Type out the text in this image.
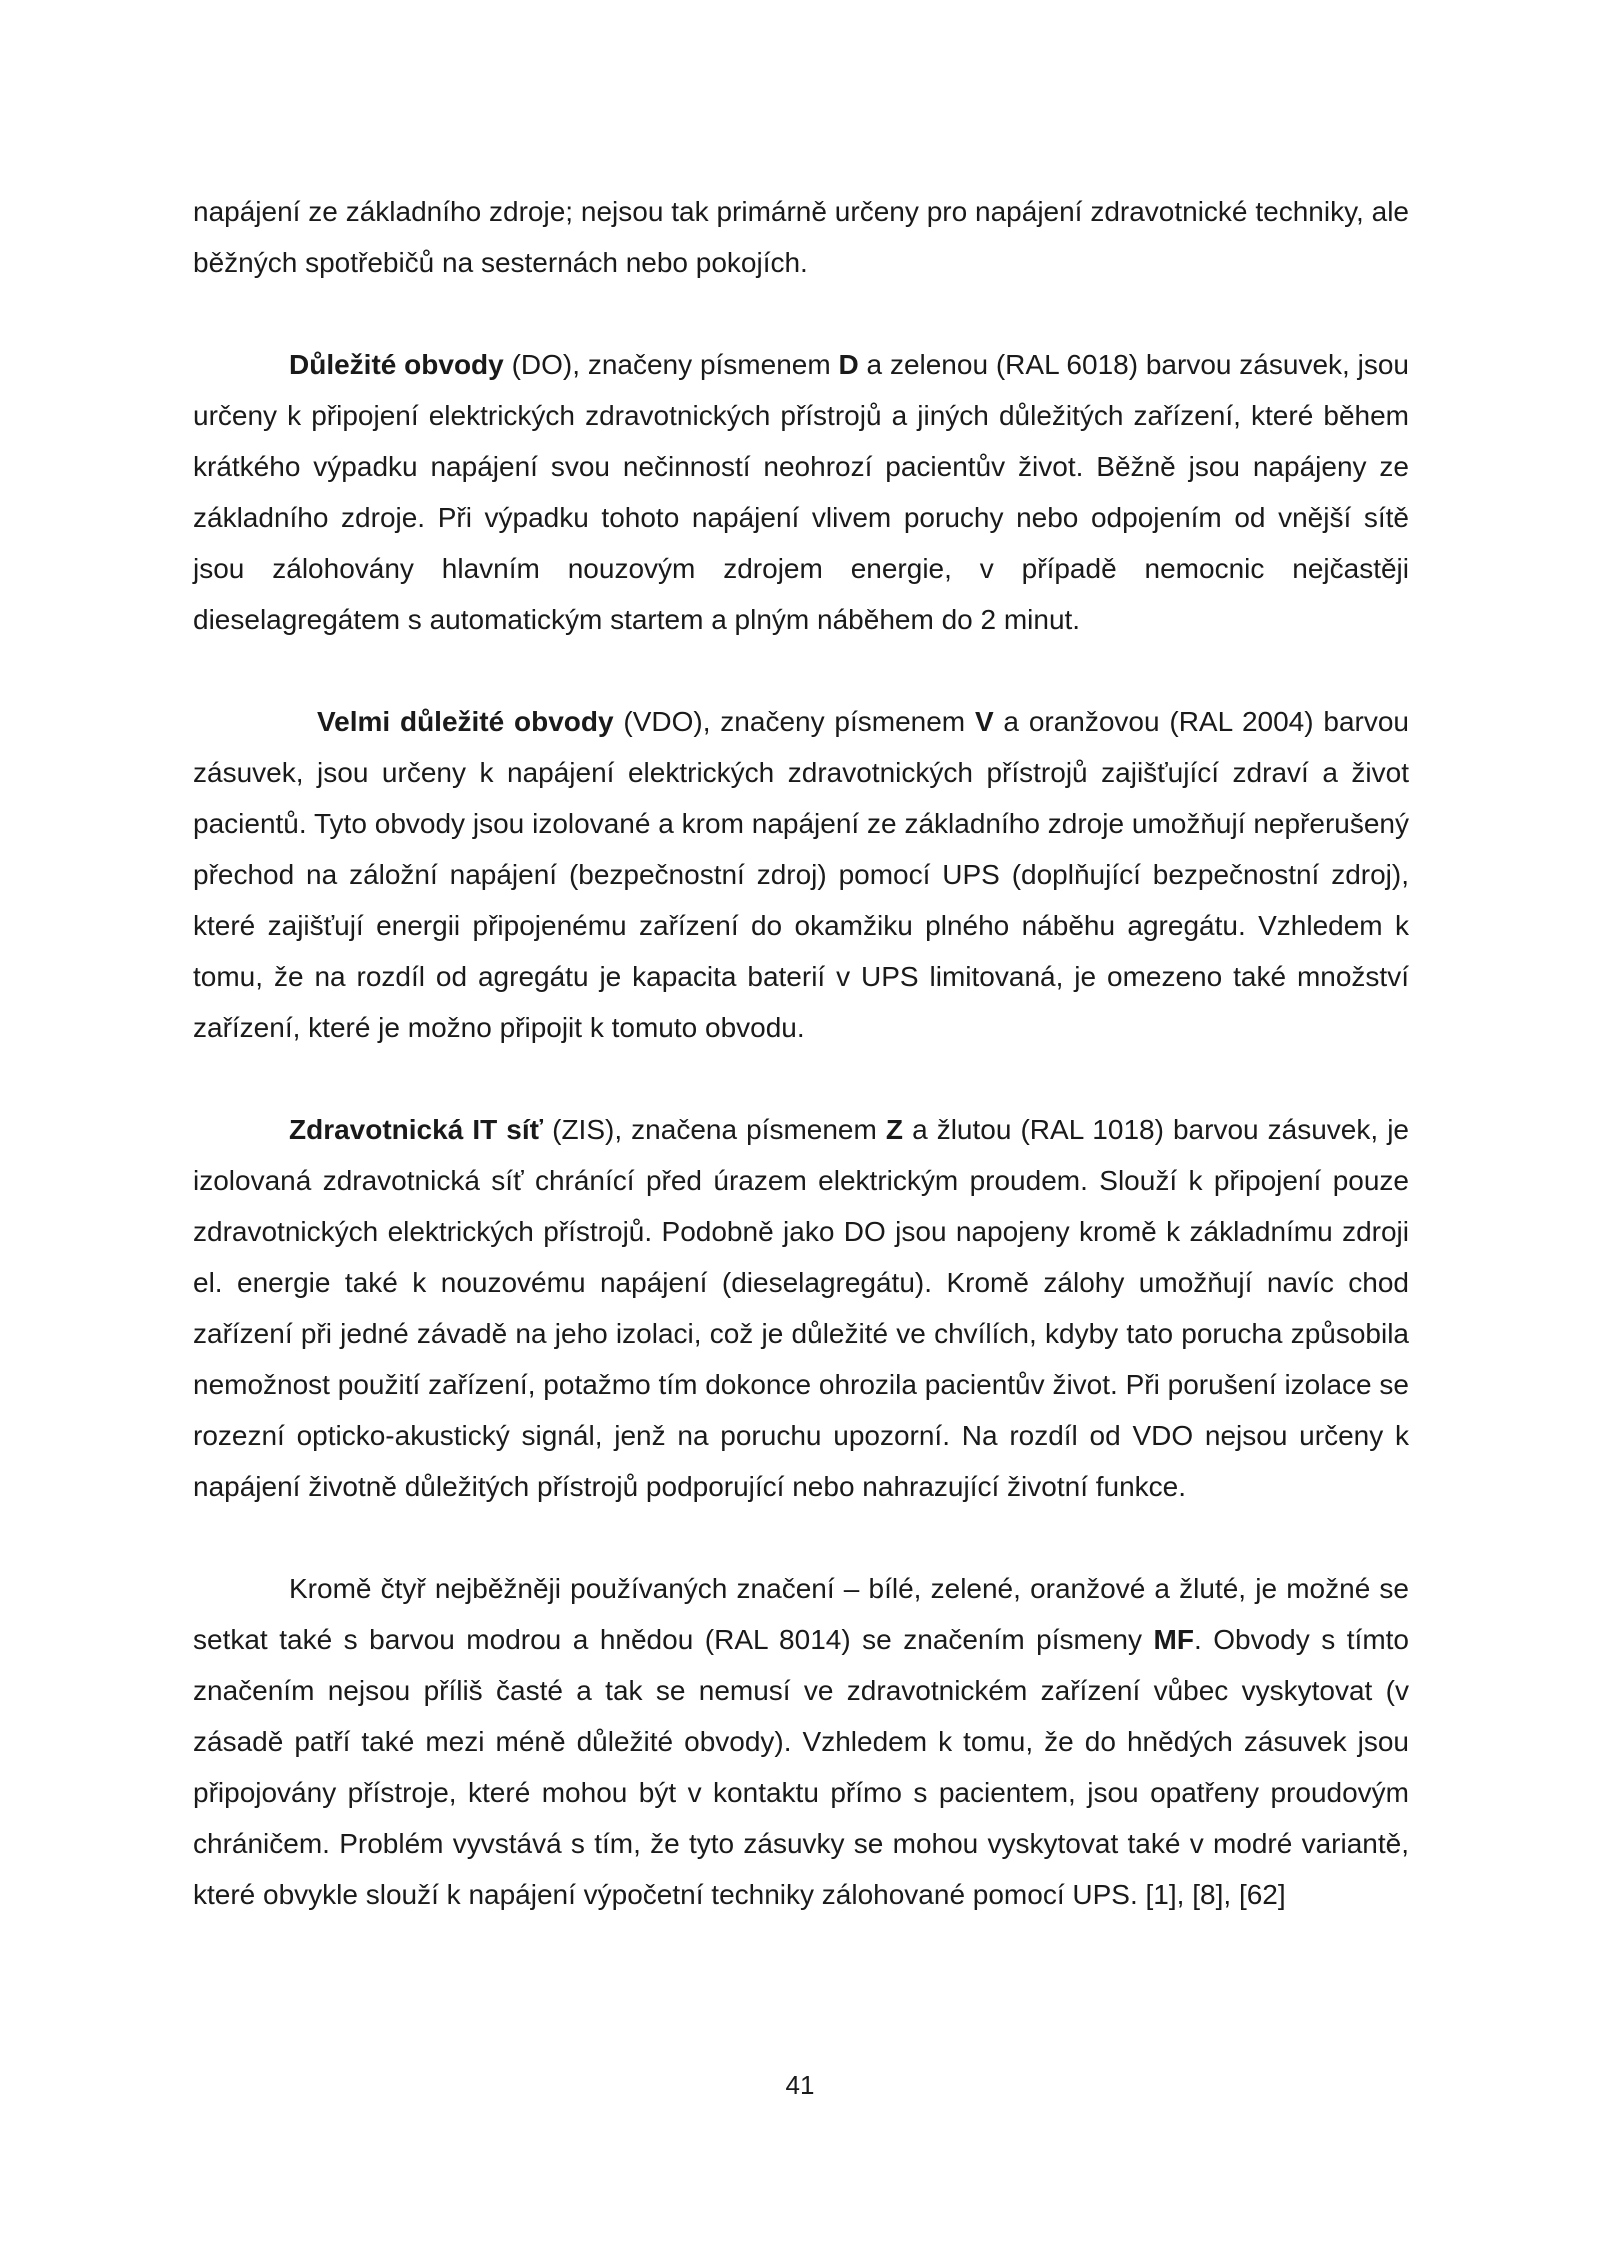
napájení ze základního zdroje; nejsou tak primárně určeny pro napájení zdravotnické techniky, ale běžných spotřebičů na sesternách nebo pokojích.

Důležité obvody (DO), značeny písmenem D a zelenou (RAL 6018) barvou zásuvek, jsou určeny k připojení elektrických zdravotnických přístrojů a jiných důležitých zařízení, které během krátkého výpadku napájení svou nečinností neohrozí pacientův život. Běžně jsou napájeny ze základního zdroje. Při výpadku tohoto napájení vlivem poruchy nebo odpojením od vnější sítě jsou zálohovány hlavním nouzovým zdrojem energie, v případě nemocnic nejčastěji dieselagregátem s automatickým startem a plným náběhem do 2 minut.

Velmi důležité obvody (VDO), značeny písmenem V a oranžovou (RAL 2004) barvou zásuvek, jsou určeny k napájení elektrických zdravotnických přístrojů zajišťující zdraví a život pacientů. Tyto obvody jsou izolované a krom napájení ze základního zdroje umožňují nepřerušený přechod na záložní napájení (bezpečnostní zdroj) pomocí UPS (doplňující bezpečnostní zdroj), které zajišťují energii připojenému zařízení do okamžiku plného náběhu agregátu. Vzhledem k tomu, že na rozdíl od agregátu je kapacita baterií v UPS limitovaná, je omezeno také množství zařízení, které je možno připojit k tomuto obvodu.

Zdravotnická IT síť (ZIS), značena písmenem Z a žlutou (RAL 1018) barvou zásuvek, je izolovaná zdravotnická síť chránící před úrazem elektrickým proudem. Slouží k připojení pouze zdravotnických elektrických přístrojů. Podobně jako DO jsou napojeny kromě k základnímu zdroji el. energie také k nouzovému napájení (dieselagregátu). Kromě zálohy umožňují navíc chod zařízení při jedné závadě na jeho izolaci, což je důležité ve chvílích, kdyby tato porucha způsobila nemožnost použití zařízení, potažmo tím dokonce ohrozila pacientův život. Při porušení izolace se rozezní opticko-akustický signál, jenž na poruchu upozorní. Na rozdíl od VDO nejsou určeny k napájení životně důležitých přístrojů podporující nebo nahrazující životní funkce.

Kromě čtyř nejběžněji používaných značení – bílé, zelené, oranžové a žluté, je možné se setkat také s barvou modrou a hnědou (RAL 8014) se značením písmeny MF. Obvody s tímto značením nejsou příliš časté a tak se nemusí ve zdravotnickém zařízení vůbec vyskytovat (v zásadě patří také mezi méně důležité obvody). Vzhledem k tomu, že do hnědých zásuvek jsou připojovány přístroje, které mohou být v kontaktu přímo s pacientem, jsou opatřeny proudovým chráničem. Problém vyvstává s tím, že tyto zásuvky se mohou vyskytovat také v modré variantě, které obvykle slouží k napájení výpočetní techniky zálohované pomocí UPS. [1], [8], [62]

41
